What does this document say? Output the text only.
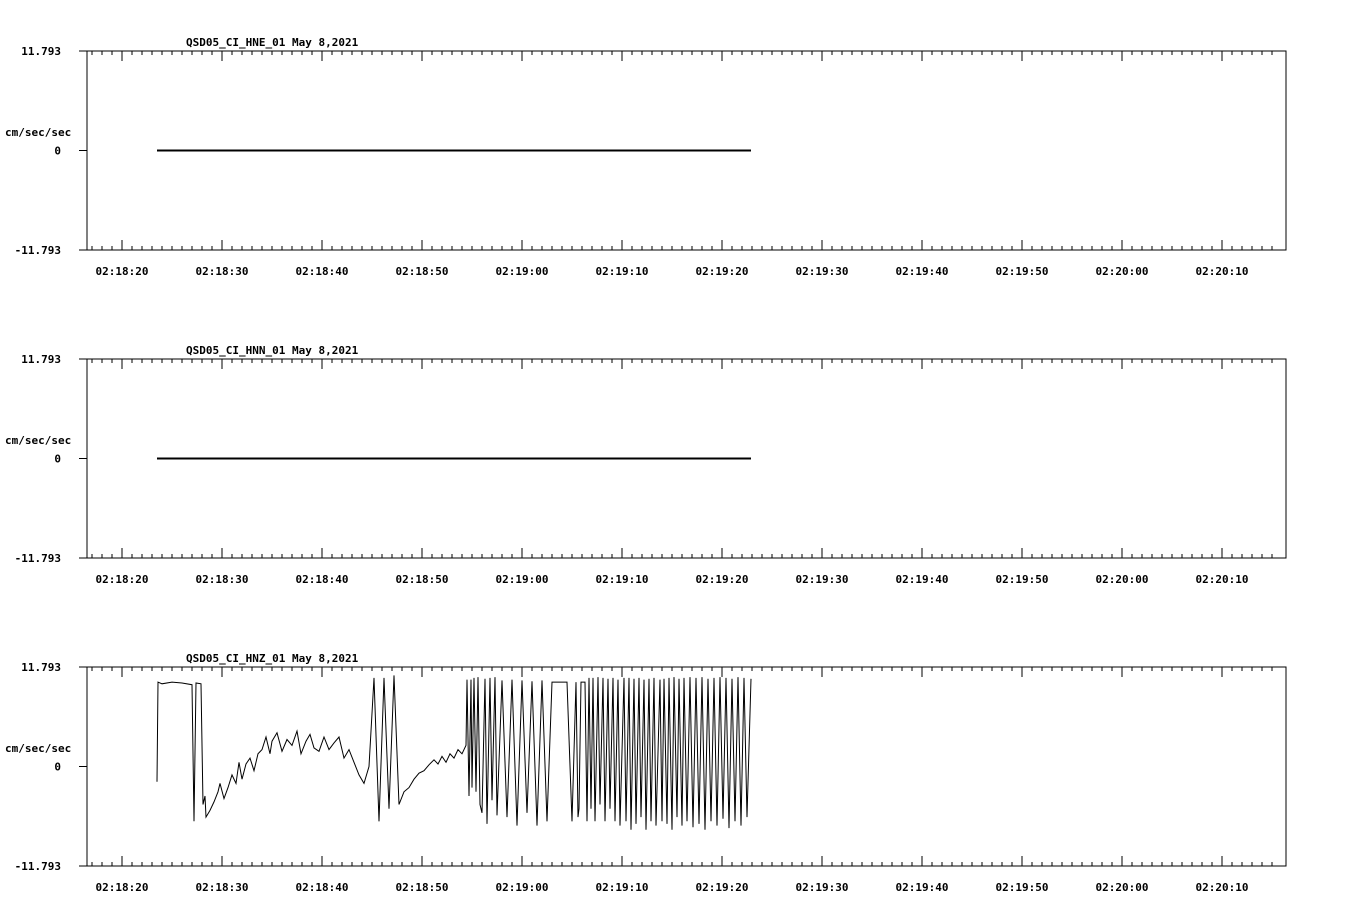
QSD05_CI_HNE_01 May 8,2021
cm/sec/sec
11.793
0
-11.793
02:18:20	02:18:30	02:18:40	02:18:50	02:19:00	02:19:10	02:19:20	02:19:30	02:19:40	02:19:50	02:20:00	02:20:10
QSD05_CI_HNN_01 May 8,2021
cm/sec/sec
11.793
0
-11.793
02:18:20	02:18:30	02:18:40	02:18:50	02:19:00	02:19:10	02:19:20	02:19:30	02:19:40	02:19:50	02:20:00	02:20:10
QSD05_CI_HNZ_01 May 8,2021
cm/sec/sec
11.793
0
-11.793
02:18:20	02:18:30	02:18:40	02:18:50	02:19:00	02:19:10	02:19:20	02:19:30	02:19:40	02:19:50	02:20:00	02:20:10
